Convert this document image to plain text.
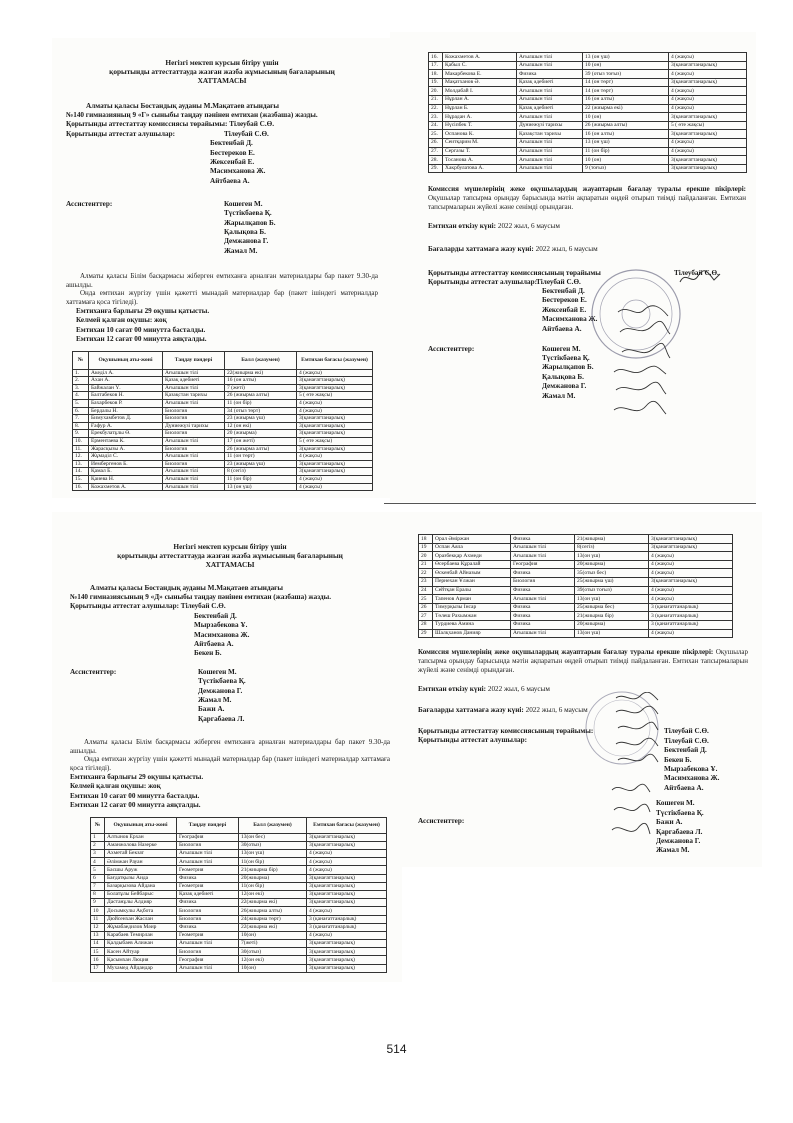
Негізгі мектеп курсын бітіру үшін
қорытынды аттестаттауда жазған жазба жұмысының бағаларының
ХАТТАМАСЫ
Алматы қаласы Бостандық ауданы М.Мақатаев атындағы
№140 гимназияның 9 «Г» сыныбы таңдау пәнінен емтихан (жазбаша) жазды.
Қорытынды аттестаттау комиссиясы төрайымы: Тілеубай С.Ө.
Қорытынды аттестат алушылар:	Тілеубай С.Ө.
Бектенбай Д.
Бестереков Е.
Жексенбай Е.
Масимханова Ж.
Айтбаева А.
Ассистенттер:	Кошеген М.
Түстікбаева Қ.
Жарылқапов Б.
Қалықова Б.
Демжанова Г.
Жамал М.
Алматы қаласы Білім басқармасы жіберген емтиханға арналған материалдары бар пакет 9.30-да ашылды.
Онда емтихан жүргізу үшін қажетті мынадай материалдар бар (пакет ішіндегі материалдар хаттамаға қоса тігіледі).
Емтиханға барлығы 29 оқушы қатысты.
Келмей қалған оқушы: жоқ
Емтихан 10 сағат 00 минутта басталды.
Емтихан 12 сағат 00 минутта аяқталды.
№	Оқушының аты-жөні	Таңдау пәндері	Балл (жазумен)	Емтихан бағасы (жазумен)
1.	Акеділ А.	Ағылшын тілі	22(жиырма екі)	4 (жақсы)
2.	Ахан А.	Қазақ әдебиеті	16 (он алты)	3(қанағаттанарлық)
3.	Байжалан Ү.	Ағылшын тілі	7 (жеті)	3(қанағаттанарлық)
4.	Балтабеков Н.	Қазақстан тарихы	26 (жиырма алты)	5 ( өте жақсы)
5.	Бахарбеков Р.	Ағылшын тілі	11 (он бір)	4 (жақсы)
6.	Бердалы Н.	Биология	34 (отыз төрт)	4 (жақсы)
7.	Бимухамбетов Д.	Биология	23 (жиырма үш)	3(қанағаттанарлық)
8.	Ғафур А.	Дүниежүзі тарихы	12 (он екі)	3(қанағаттанарлық)
9.	Ерекбулатұлы Ө.	Биология	20 (жиырма)	3(қанағаттанарлық)
10.	Ерментаева К.	Ағылшын тілі	17 (он жеті)	5 ( өте жақсы)
11.	Жарасқызы А.	Биология	26 (жиырма алты)	3(қанағаттанарлық)
12.	Жұмаділ С.	Ағылшын тілі	11 (он төрт)	4 (жақсы)
13.	Иембергенов Б.	Биология	23 (жиырма үш)	3(қанағаттанарлық)
14.	Қамал Б.	Ағылшын тілі	8 (сегіз)	3(қанағаттанарлық)
15.	Қаиева Н.	Ағылшын тілі	11 (он бір)	4 (жақсы)
16.	Кожахметов А.	Ағылшын тілі	13 (он үш)	4 (жақсы)
16.	Кожахметов А.	Ағылшын тілі	13 (он үш)	4 (жақсы)
17.	Қабыл С.	Ағылшын тілі	10 (он)	3(қанағаттанарлық)
18.	Макарбекова Е.	Физика	39 (отыз тоғыз)	4 (жақсы)
19.	Мақатханов Ә.	Қазақ әдебиеті	14 (он төрт)	3(қанағаттанарлық)
20.	Молдабай І.	Ағылшын тілі	14 (он төрт)	4 (жақсы)
21.	Нұрлан А.	Ағылшын тілі	16 (он алты)	4 (жақсы)
22.	Нұрлан Б.	Қазақ әдебиеті	22 (жиырма екі)	4 (жақсы)
23.	Нұрадан А.	Ағылшын тілі	10 (он)	3(қанағаттанарлық)
24.	Нүсіпбек Т.	Дүниежүзі тарихы	26 (жиырма алты)	5 ( өте жақсы)
25.	Оспанова К.	Қазақстан тарихы	16 (он алты)	3(қанағаттанарлық)
26.	Сеитқарим М.	Ағылшын тілі	13 (он үш)	4 (жақсы)
27.	Сергазы Т.	Ағылшын тілі	11 (он бір)	4 (жақсы)
28.	Тосанова А.	Ағылшын тілі	10 (он)	3(қанағаттанарлық)
29.	Хакрбулатова А.	Ағылшын тілі	9 (тоғыз)	3(қанағаттанарлық)
Комиссия мүшелерінің жеке оқушылардың жауаптарын бағалау туралы ерекше пікірлері: Оқушылар тапсырма орындау барысында мәтін ақпаратын өңдей отырып тиімді пайдаланған. Емтихан тапсырмаларын жүйелі және сенімді орындаған.
Емтихан өткізу күні: 2022 жыл, 6 маусым
Бағаларды хаттамаға жазу күні: 2022 жыл, 6 маусым
Қорытынды аттестаттау комиссиясының төрайымы	Тілеубай С.Ө.
Қорытынды аттестат алушылар:
Тілеубай С.Ө.
Бектенбай Д.
Бестереков Е.
Жексенбай Е.
Масимханова Ж.
Айтбаева А.
Ассистенттер:	Кошеген М.
Түстікбаева Қ.
Жарылқапов Б.
Қалықова Б.
Демжанова Г.
Жамал М.
Негізгі мектеп курсын бітіру үшін
қорытынды аттестаттауда жазған жазба жұмысының бағаларының
ХАТТАМАСЫ
Алматы қаласы Бостандық ауданы М.Мақатаев атындағы
№140 гимназиясының 9 «Д» сыныбы таңдау пәнінен емтихан (жазбаша) жазды.
Қорытынды аттестат алушылар: Тілеубай С.Ө.
Бектенбай Д.
Мырзабекова Ұ.
Масимханова Ж.
Айтбаева А.
Бекен Б.
Ассистенттер:	Кошеген М.
Түстікбаева Қ.
Демжанова Г.
Жамал М.
Бажи А.
Қаргабаева Л.
Алматы қаласы Білім басқармасы жіберген емтиханға арналған материалдары бар пакет 9.30-да ашылды.
Онда емтихан жүргізу үшін қажетті мынадай материалдар бар (пакет ішіндегі материалдар хаттамаға қоса тігіледі).
Емтиханға барлығы 29 оқушы қатысты.
Келмей қалған оқушы: жоқ
Емтихан 10 сағат 00 минутта басталды.
Емтихан 12 сағат 00 минутта аяқталды.
№	Оқушының аты-жөні	Таңдау пәндері	Балл (жазумен)	Емтихан бағасы (жазумен)
1	Алтынов Ерхан	География	13(он бес)	3(қанағаттанарлық)
2	Аманжолова Назерке	Биология	30(отыз)	3(қанағаттанарлық)
3	Ахметай Бекзат	Ағылшын тілі	13(он үш)	4 (жақсы)
4	Әлімжан Рауан	Ағылшын тілі	11(он бір)	4 (жақсы)
5	Басшы Аруж	Геометрия	21(жиырма бір)	4 (жақсы)
6	Бағдатқызы Аида	Физика	20(жиырма)	3(қанағаттанарлық)
7	Базарқызова Айдана	Геометрия	11(он бір)	3(қанағаттанарлық)
8	Болатұлы Бейбарыс	Қазақ әдебиеті	12(он екі)	3(қанағаттанарлық)
9	Дастанұлы Алдияр	Физика	22(жиырма екі)	3(қанағаттанарлық)
10	Досымкулы Ақбота	Биология	26(жиырма алты)	4 (жақсы)
11	Дюйсенхан Жаслан	Биология	24(жиырма төрт)	3 (қанағаттанарлық)
12	Жұмабаедилов Мәир	Физика	22(жиырма екі)	3 (қанағаттанарлық)
13	Карабаев Темирлан	Геометрия	10(он)	4 (жақсы)
14	Қалдыбаев Алижан	Ағылшын тілі	7(жеті)	3(қанағаттанарлық)
15	Касен Айтуар	Биология	30(отыз)	3(қанағаттанарлық)
16	Қасымхан Люция	География	12(он екі)	3(қанағаттанарлық)
17	Мухамед Айдандар	Ағылшын тілі	10(он)	3(қанағаттанарлық)
18	Орал Әміржан	Физика	21(жиырма)	3(қанағаттанарлық)
19	Оспан Аяла	Ағылшын тілі	8(сегіз)	3(қанағаттанарлық)
20	Оразбекқар Ахмеди	Ағылшын тілі	13(он үш)	4 (жақсы)
21	Өсербаева Құралай	География	20(жиырма)	4 (жақсы)
22	Өскенбай Айназым	Физика	35(отыз бес)	4 (жақсы)
23	Пернехан Ұлжан	Биология	25(жиырма үш)	3(қанағаттанарлық)
24	Сейтқан Ералы	Физика	39(отыз тоғыз)	4 (жақсы)
25	Тапенов Арман	Ағылшын тілі	13(он үш)	4 (жақсы)
26	Тимурқызы Інсар	Физика	25(жиырма бес)	3 (қанағаттанарлық)
27	Төлеш Рахымжан	Физика	21(жиырма бір)	3 (қанағаттанарлық)
28	Турдиева Амина	Физика	20(жиырма)	3 (қанағаттанарлық)
29	Шалқханов Данияр	Ағылшын тілі	13(он үш)	4 (жақсы)
Комиссия мүшелерінің жеке оқушылардың жауаптарын бағалау туралы ерекше пікірлері: Оқушылар тапсырма орындау барысында мәтін ақпаратын өңдей отырып тиімді пайдаланған. Емтихан тапсырмаларын жүйелі және сенімді орындаған.
Емтихан өткізу күні: 2022 жыл, 6 маусым
Бағаларды хаттамаға жазу күні: 2022 жыл, 6 маусым
Қорытынды аттестаттау комиссиясының төрайымы:
Қорытынды аттестат алушылар:
Тілеубай С.Ө.
Тілеубай С.Ө.
Бектенбай Д.
Бекен Б.
Мырзабекова Ұ.
Масимханова Ж.
Айтбаева А.
Ассистенттер:
Кошеген М.
Түстікбаева Қ.
Бажи А.
Қаргабаева Л.
Демжанова Г.
Жамал М.
514
